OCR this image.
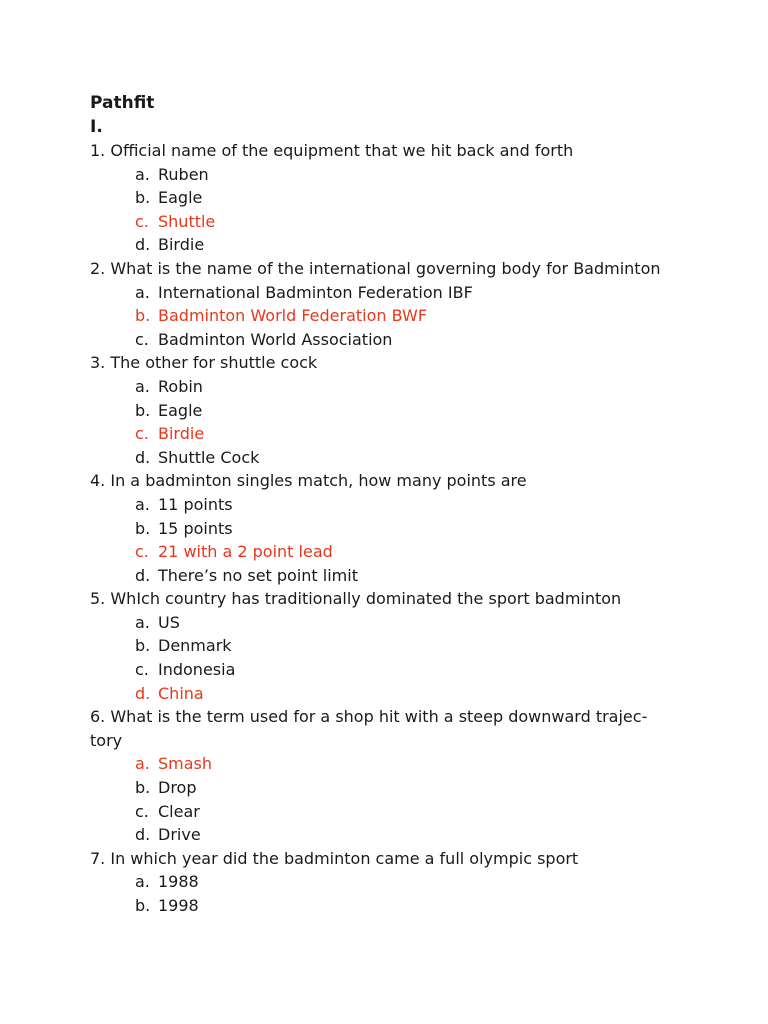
Pathfit
I.
1. Official name of the equipment that we hit back and forth
a. Ruben
b. Eagle
c. Shuttle
d. Birdie
2. What is the name of the international governing body for Badminton
a. International Badminton Federation IBF
b. Badminton World Federation BWF
c. Badminton World Association
3. The other for shuttle cock
a. Robin
b. Eagle
c. Birdie
d. Shuttle Cock
4. In a badminton singles match, how many points are
a. 11 points
b. 15 points
c. 21 with a 2 point lead
d. There’s no set point limit
5. WhIch country has traditionally dominated the sport badminton
a. US
b. Denmark
c. Indonesia
d. China
6. What is the term used for a shop hit with a steep downward trajec-
tory
a. Smash
b. Drop
c. Clear
d. Drive
7. In which year did the badminton came a full olympic sport
a. 1988
b. 1998
